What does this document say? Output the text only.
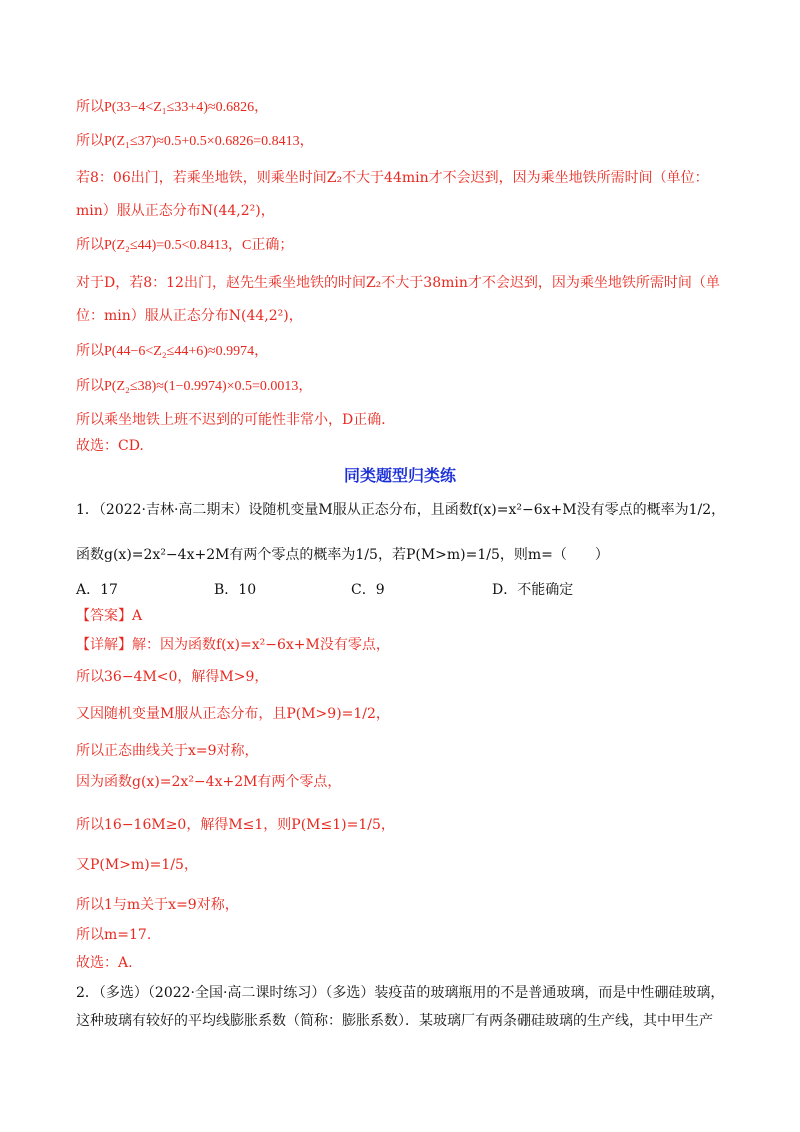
所以P(33−4<Z₁≤33+4)≈0.6826，
所以P(Z₁≤37)≈0.5+0.5×0.6826=0.8413，
若8：06出门，若乘坐地铁，则乘坐时间Z₂不大于44min才不会迟到，因为乘坐地铁所需时间（单位：
min）服从正态分布N(44,2²)，
所以P(Z₂≤44)=0.5<0.8413，C正确；
对于D，若8：12出门，赵先生乘坐地铁的时间Z₂不大于38min才不会迟到，因为乘坐地铁所需时间（单
位：min）服从正态分布N(44,2²)，
所以P(44−6<Z₂≤44+6)≈0.9974，
所以P(Z₂≤38)≈(1−0.9974)×0.5=0.0013，
所以乘坐地铁上班不迟到的可能性非常小，D正确．
故选：CD.
同类题型归类练
1．（2022·吉林·高二期末）设随机变量M服从正态分布，且函数f(x)=x²−6x+M没有零点的概率为1/2，
函数g(x)=2x²−4x+2M有两个零点的概率为1/5，若P(M>m)=1/5，则m=（　　）
A．17	B．10	C．9	D．不能确定
【答案】A
【详解】解：因为函数f(x)=x²−6x+M没有零点，
所以36−4M<0，解得M>9，
又因随机变量M服从正态分布，且P(M>9)=1/2，
所以正态曲线关于x=9对称，
因为函数g(x)=2x²−4x+2M有两个零点，
所以16−16M≥0，解得M≤1，则P(M≤1)=1/5，
又P(M>m)=1/5，
所以1与m关于x=9对称，
所以m=17.
故选：A.
2．（多选）（2022·全国·高二课时练习）（多选）装疫苗的玻璃瓶用的不是普通玻璃，而是中性硼硅玻璃，
这种玻璃有较好的平均线膨胀系数（简称：膨胀系数）．某玻璃厂有两条硼硅玻璃的生产线，其中甲生产
